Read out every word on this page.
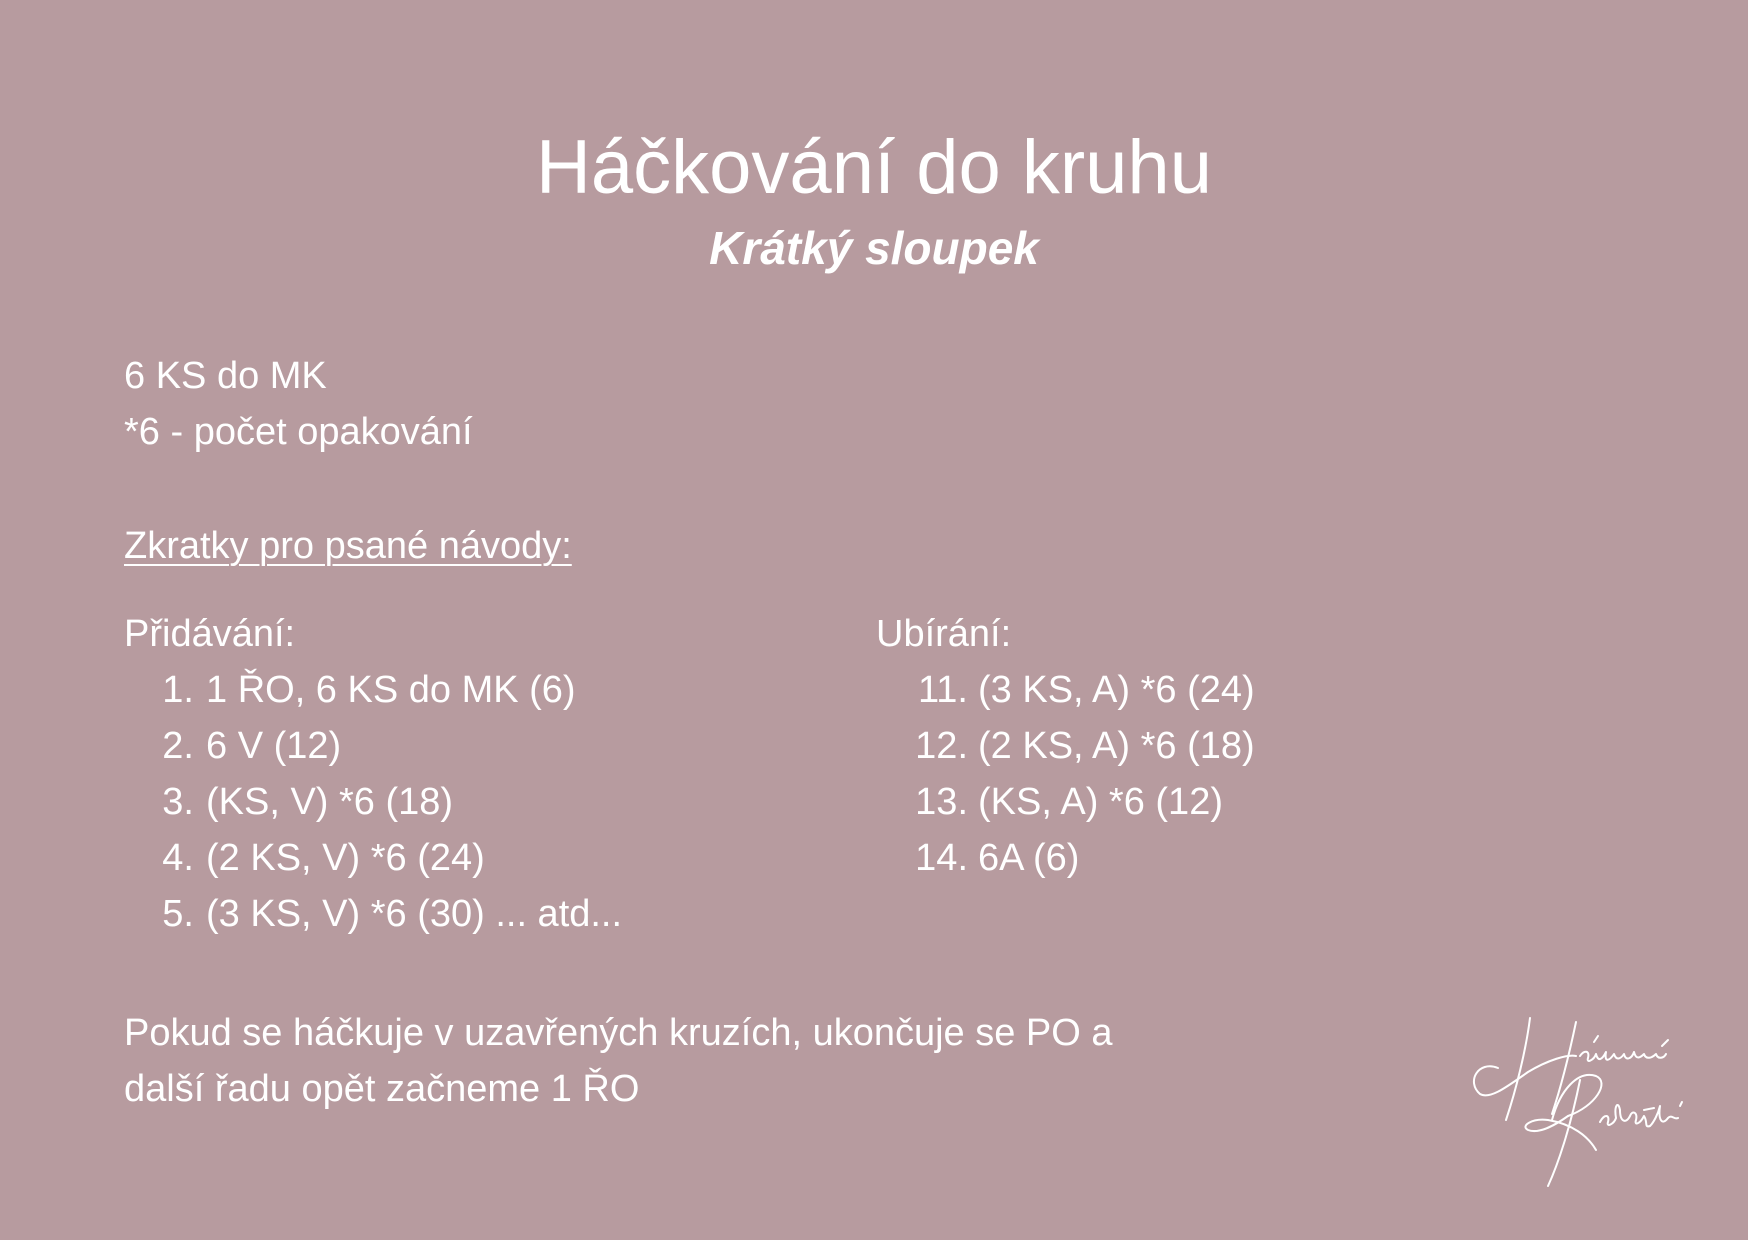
Háčkování do kruhu
Krátký sloupek
6 KS do MK
*6 - počet opakování
Zkratky pro psané návody:
Přidávání:
1. 1 ŘO, 6 KS do MK (6)
2. 6 V (12)
3. (KS, V) *6 (18)
4. (2 KS, V) *6 (24)
5. (3 KS, V) *6 (30) ... atd...
Ubírání:
11. (3 KS, A) *6 (24)
12. (2 KS, A) *6 (18)
13. (KS, A) *6 (12)
14. 6A (6)
Pokud se háčkuje v uzavřených kruzích, ukončuje se PO a
další řadu opět začneme 1 ŘO
